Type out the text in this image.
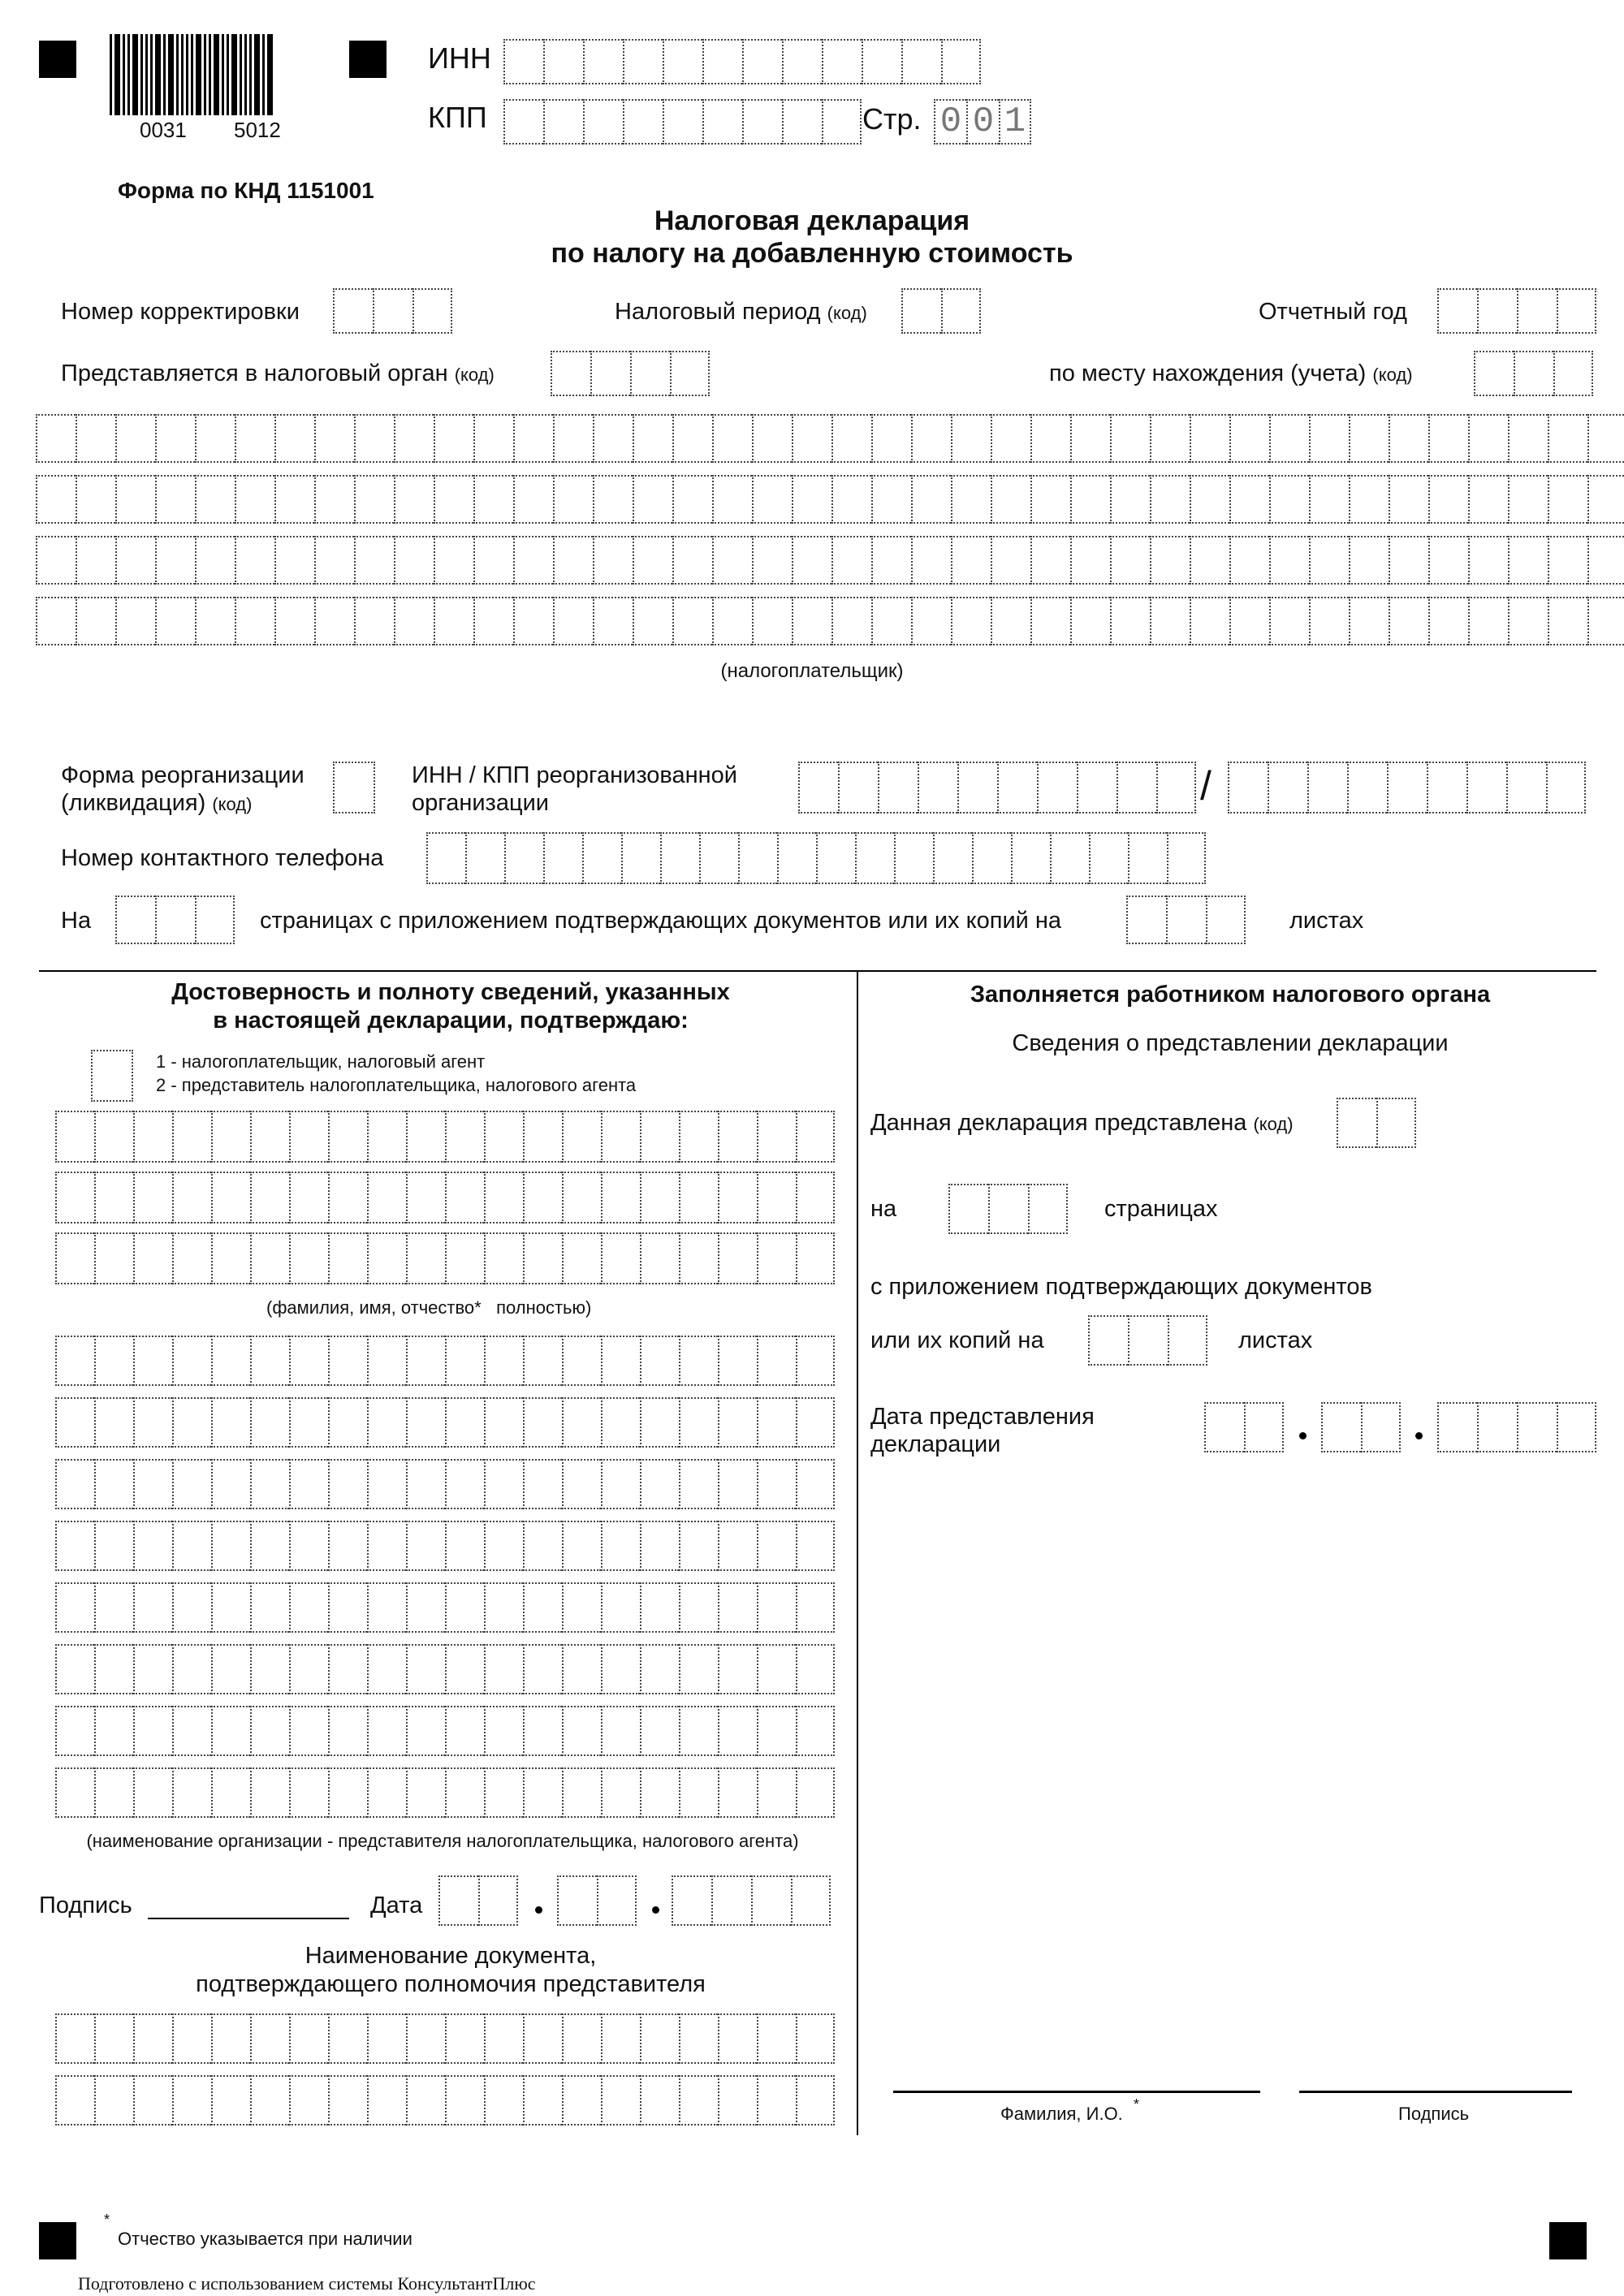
0031 5012
ИНН
КПП	Стр. 0 0 1
Форма по КНД 1151001
Налоговая декларация
по налогу на добавленную стоимость
Номер корректировки	Налоговый период (код)	Отчетный год
Представляется в налоговый орган (код)	по месту нахождения (учета) (код)
(налогоплательщик)
Форма реорганизации
(ликвидация) (код)
ИНН / КПП реорганизованной
организации	/
Номер контактного телефона
На	страницах с приложением подтверждающих документов или их копий на	листах
Достоверность и полноту сведений, указанных
в настоящей декларации, подтверждаю:
1 - налогоплательщик, налоговый агент
2 - представитель налогоплательщика, налогового агента
(фамилия, имя, отчество* полностью)
(наименование организации - представителя налогоплательщика, налогового агента)
Подпись	Дата
Наименование документа,
подтверждающего полномочия представителя
Заполняется работником налогового органа
Сведения о представлении декларации
Данная декларация представлена (код)
на	страницах
с приложением подтверждающих документов
или их копий на	листах
Дата представления
декларации
Фамилия, И.О. *	Подпись
*
Отчество указывается при наличии
Подготовлено с использованием системы КонсультантПлюс
